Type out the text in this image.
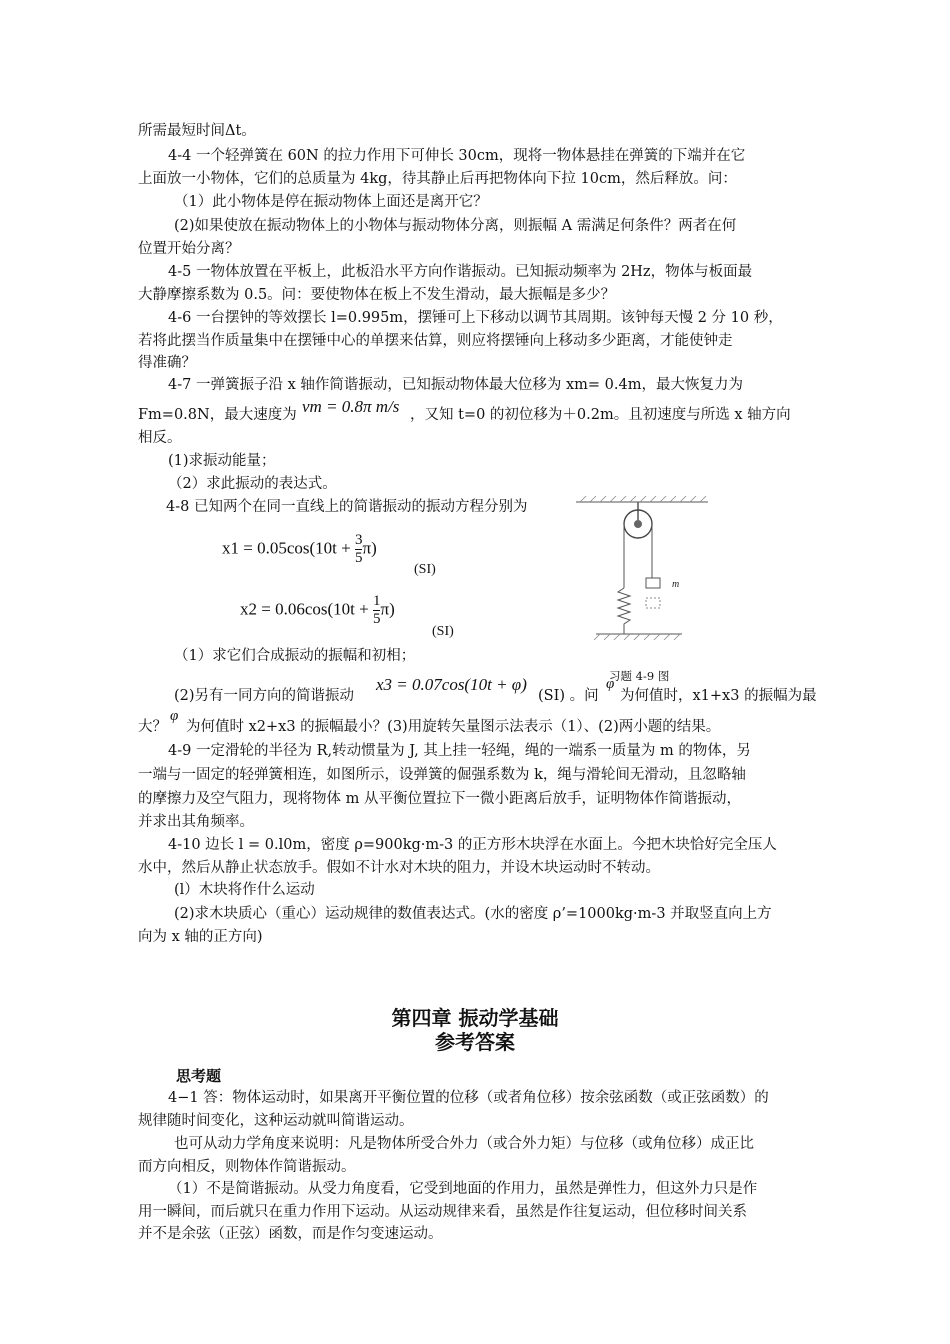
所需最短时间Δt。
4-4 一个轻弹簧在 60N 的拉力作用下可伸长 30cm，现将一物体悬挂在弹簧的下端并在它
上面放一小物体，它们的总质量为 4kg，待其静止后再把物体向下拉 10cm，然后释放。问：
（1）此小物体是停在振动物体上面还是离开它？
(2)如果使放在振动物体上的小物体与振动物体分离，则振幅 A 需满足何条件？两者在何
位置开始分离？
4-5 一物体放置在平板上，此板沿水平方向作谐振动。已知振动频率为 2Hz，物体与板面最
大静摩擦系数为 0.5。问：要使物体在板上不发生滑动，最大振幅是多少？
4-6 一台摆钟的等效摆长 l=0.995m，摆锤可上下移动以调节其周期。该钟每天慢 2 分 10 秒，
若将此摆当作质量集中在摆锤中心的单摆来估算，则应将摆锤向上移动多少距离，才能使钟走
得准确？
4-7 一弹簧振子沿 x 轴作简谐振动，已知振动物体最大位移为 xm= 0.4m，最大恢复力为
Fm=0.8N，最大速度为 vm = 0.8π m/s ，又知 t=0 的初位移为＋0.2m。且初速度与所选 x 轴方向
相反。
(1)求振动能量；
（2）求此振动的表达式。
4-8 已知两个在同一直线上的简谐振动的振动方程分别为
$x1 = 0.05\cos(10t + \frac{3}{5} \pi)$
(SI)
$x2 = 0.06\cos(10t + \frac{1}{5} \pi)$
(SI)
m
（1）求它们合成振动的振幅和初相；
(2)另有一同方向的简谐振动
x3 = 0.07cos(10t + φ)
(SI) 。问
φ
习题 4-9 图
为何值时，x1+x3 的振幅为最
大？
φ
为何值时 x2+x3 的振幅最小？(3)用旋转矢量图示法表示（1）、(2)两小题的结果。
4-9 一定滑轮的半径为 R,转动惯量为 J, 其上挂一轻绳，绳的一端系一质量为 m 的物体，另
一端与一固定的轻弹簧相连，如图所示，设弹簧的倔强系数为 k，绳与滑轮间无滑动，且忽略轴
的摩擦力及空气阻力，现将物体 m 从平衡位置拉下一微小距离后放手，证明物体作简谐振动，
并求出其角频率。
4-10 边长 l = 0.l0m，密度 ρ=900kg·m-3 的正方形木块浮在水面上。今把木块恰好完全压人
水中，然后从静止状态放手。假如不计水对木块的阻力，并设木块运动时不转动。
(l）木块将作什么运动
(2)求木块质心（重心）运动规律的数值表达式。(水的密度 ρ’=1000kg·m-3 并取竖直向上方
向为 x 轴的正方向)
第四章 振动学基础
参考答案
思考题
4−1 答：物体运动时，如果离开平衡位置的位移（或者角位移）按余弦函数（或正弦函数）的
规律随时间变化，这种运动就叫简谐运动。
也可从动力学角度来说明：凡是物体所受合外力（或合外力矩）与位移（或角位移）成正比
而方向相反，则物体作简谐振动。
（1）不是简谐振动。从受力角度看，它受到地面的作用力，虽然是弹性力，但这外力只是作
用一瞬间，而后就只在重力作用下运动。从运动规律来看，虽然是作往复运动，但位移时间关系
并不是余弦（正弦）函数，而是作匀变速运动。
